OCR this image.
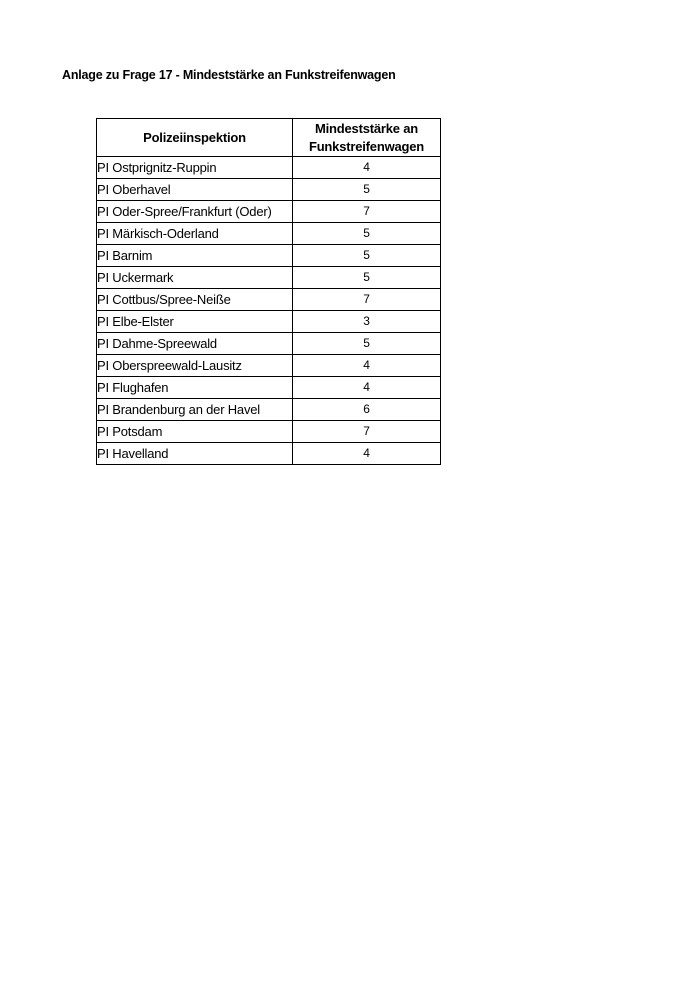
Anlage zu Frage 17 - Mindeststärke an Funkstreifenwagen
Polizeiinspektion	Mindeststärke an Funkstreifenwagen
PI Ostprignitz-Ruppin	4
PI Oberhavel	5
PI Oder-Spree/Frankfurt (Oder)	7
PI Märkisch-Oderland	5
PI Barnim	5
PI Uckermark	5
PI Cottbus/Spree-Neiße	7
PI Elbe-Elster	3
PI Dahme-Spreewald	5
PI Oberspreewald-Lausitz	4
PI Flughafen	4
PI Brandenburg an der Havel	6
PI Potsdam	7
PI Havelland	4
